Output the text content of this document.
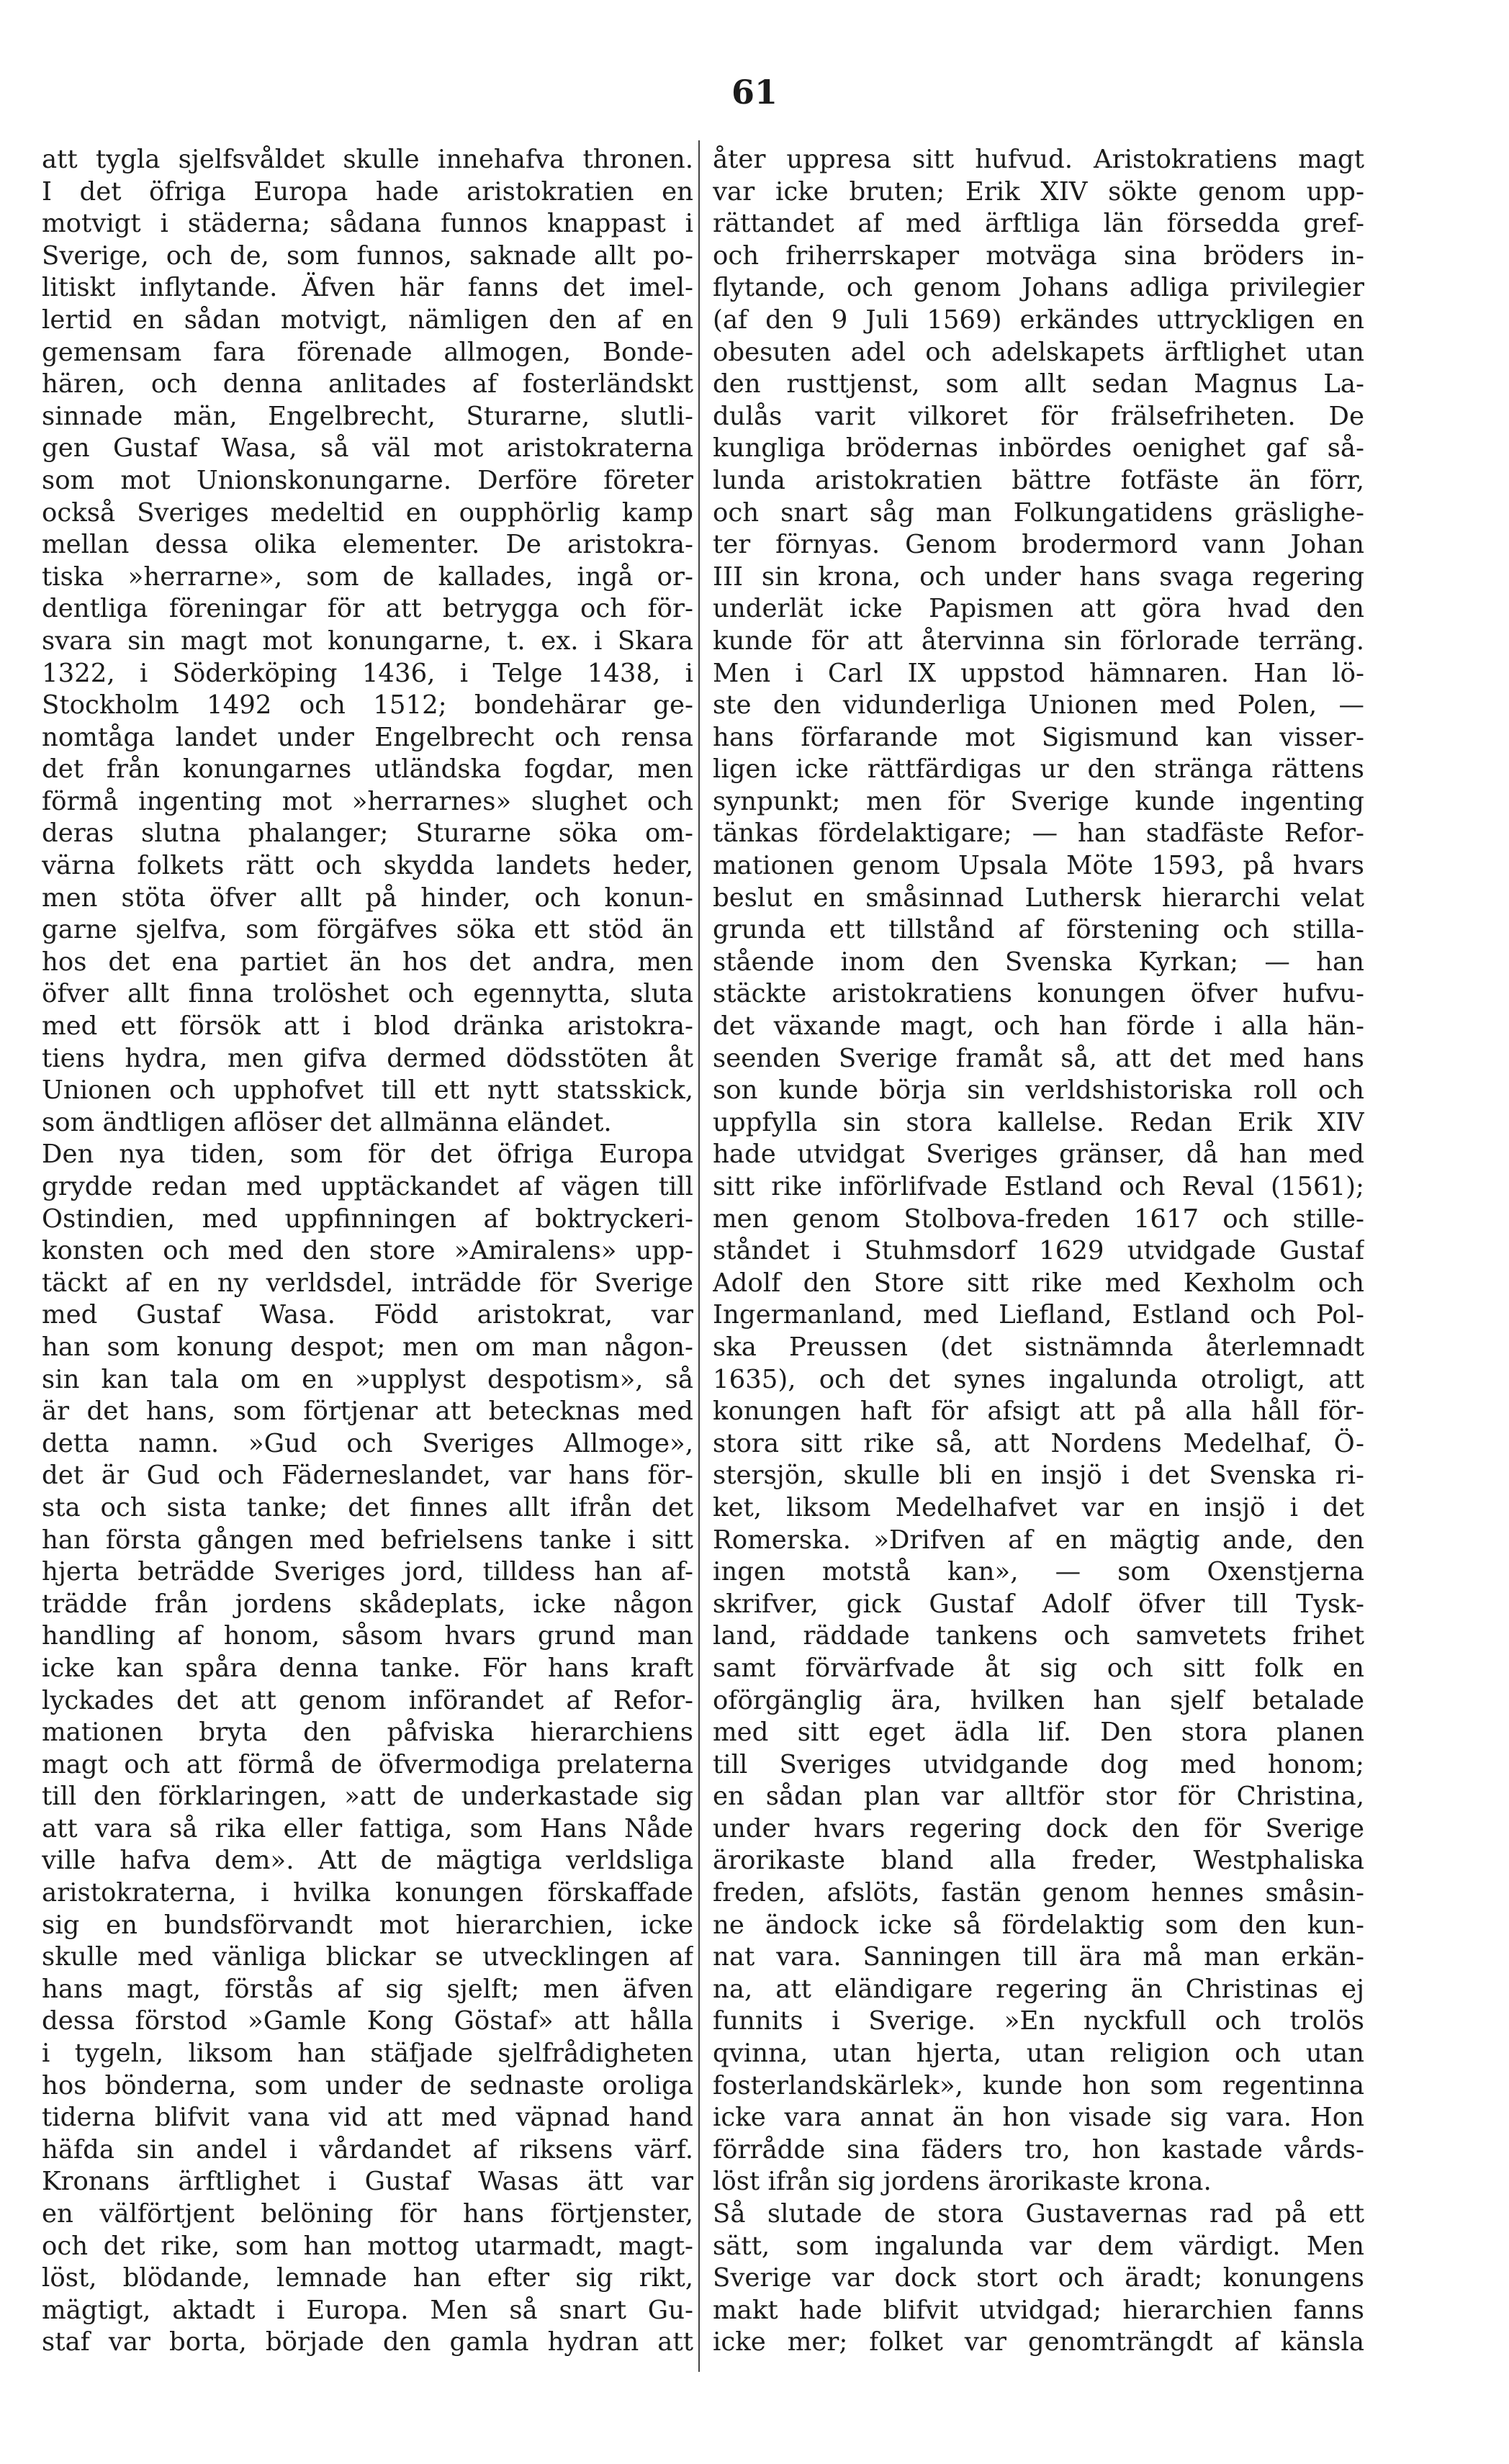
61
att tygla sjelfsvåldet skulle innehafva thronen.
I det öfriga Europa hade aristokratien en
motvigt i städerna; sådana funnos knappast i
Sverige, och de, som funnos, saknade allt po-
litiskt inflytande. Äfven här fanns det imel-
lertid en sådan motvigt, nämligen den af en
gemensam fara förenade allmogen, Bonde-
hären, och denna anlitades af fosterländskt
sinnade män, Engelbrecht, Sturarne, slutli-
gen Gustaf Wasa, så väl mot aristokraterna
som mot Unionskonungarne. Derföre företer
också Sveriges medeltid en oupphörlig kamp
mellan dessa olika elementer. De aristokra-
tiska »herrarne», som de kallades, ingå or-
dentliga föreningar för att betrygga och för-
svara sin magt mot konungarne, t. ex. i Skara
1322, i Söderköping 1436, i Telge 1438, i
Stockholm 1492 och 1512; bondehärar ge-
nomtåga landet under Engelbrecht och rensa
det från konungarnes utländska fogdar, men
förmå ingenting mot »herrarnes» slughet och
deras slutna phalanger; Sturarne söka om-
värna folkets rätt och skydda landets heder,
men stöta öfver allt på hinder, och konun-
garne sjelfva, som förgäfves söka ett stöd än
hos det ena partiet än hos det andra, men
öfver allt finna trolöshet och egennytta, sluta
med ett försök att i blod dränka aristokra-
tiens hydra, men gifva dermed dödsstöten åt
Unionen och upphofvet till ett nytt statsskick,
som ändtligen aflöser det allmänna eländet.
Den nya tiden, som för det öfriga Europa
grydde redan med upptäckandet af vägen till
Ostindien, med uppfinningen af boktryckeri-
konsten och med den store »Amiralens» upp-
täckt af en ny verldsdel, inträdde för Sverige
med Gustaf Wasa. Född aristokrat, var
han som konung despot; men om man någon-
sin kan tala om en »upplyst despotism», så
är det hans, som förtjenar att betecknas med
detta namn. »Gud och Sveriges Allmoge»,
det är Gud och Fäderneslandet, var hans för-
sta och sista tanke; det finnes allt ifrån det
han första gången med befrielsens tanke i sitt
hjerta beträdde Sveriges jord, tilldess han af-
trädde från jordens skådeplats, icke någon
handling af honom, såsom hvars grund man
icke kan spåra denna tanke. För hans kraft
lyckades det att genom införandet af Refor-
mationen bryta den påfviska hierarchiens
magt och att förmå de öfvermodiga prelaterna
till den förklaringen, »att de underkastade sig
att vara så rika eller fattiga, som Hans Nåde
ville hafva dem». Att de mägtiga verldsliga
aristokraterna, i hvilka konungen förskaffade
sig en bundsförvandt mot hierarchien, icke
skulle med vänliga blickar se utvecklingen af
hans magt, förstås af sig sjelft; men äfven
dessa förstod »Gamle Kong Göstaf» att hålla
i tygeln, liksom han stäfjade sjelfrådigheten
hos bönderna, som under de sednaste oroliga
tiderna blifvit vana vid att med väpnad hand
häfda sin andel i vårdandet af riksens värf.
Kronans ärftlighet i Gustaf Wasas ätt var
en välförtjent belöning för hans förtjenster,
och det rike, som han mottog utarmadt, magt-
löst, blödande, lemnade han efter sig rikt,
mägtigt, aktadt i Europa. Men så snart Gu-
staf var borta, började den gamla hydran att
åter uppresa sitt hufvud. Aristokratiens magt
var icke bruten; Erik XIV sökte genom upp-
rättandet af med ärftliga län försedda gref-
och friherrskaper motväga sina bröders in-
flytande, och genom Johans adliga privilegier
(af den 9 Juli 1569) erkändes uttryckligen en
obesuten adel och adelskapets ärftlighet utan
den rusttjenst, som allt sedan Magnus La-
dulås varit vilkoret för frälsefriheten. De
kungliga brödernas inbördes oenighet gaf så-
lunda aristokratien bättre fotfäste än förr,
och snart såg man Folkungatidens gräslighe-
ter förnyas. Genom brodermord vann Johan
III sin krona, och under hans svaga regering
underlät icke Papismen att göra hvad den
kunde för att återvinna sin förlorade terräng.
Men i Carl IX uppstod hämnaren. Han lö-
ste den vidunderliga Unionen med Polen, —
hans förfarande mot Sigismund kan visser-
ligen icke rättfärdigas ur den stränga rättens
synpunkt; men för Sverige kunde ingenting
tänkas fördelaktigare; — han stadfäste Refor-
mationen genom Upsala Möte 1593, på hvars
beslut en småsinnad Luthersk hierarchi velat
grunda ett tillstånd af förstening och stilla-
stående inom den Svenska Kyrkan; — han
stäckte aristokratiens konungen öfver hufvu-
det växande magt, och han förde i alla hän-
seenden Sverige framåt så, att det med hans
son kunde börja sin verldshistoriska roll och
uppfylla sin stora kallelse. Redan Erik XIV
hade utvidgat Sveriges gränser, då han med
sitt rike införlifvade Estland och Reval (1561);
men genom Stolbova-freden 1617 och stille-
ståndet i Stuhmsdorf 1629 utvidgade Gustaf
Adolf den Store sitt rike med Kexholm och
Ingermanland, med Liefland, Estland och Pol-
ska Preussen (det sistnämnda återlemnadt
1635), och det synes ingalunda otroligt, att
konungen haft för afsigt att på alla håll för-
stora sitt rike så, att Nordens Medelhaf, Ö-
stersjön, skulle bli en insjö i det Svenska ri-
ket, liksom Medelhafvet var en insjö i det
Romerska. »Drifven af en mägtig ande, den
ingen motstå kan», — som Oxenstjerna
skrifver, gick Gustaf Adolf öfver till Tysk-
land, räddade tankens och samvetets frihet
samt förvärfvade åt sig och sitt folk en
oförgänglig ära, hvilken han sjelf betalade
med sitt eget ädla lif. Den stora planen
till Sveriges utvidgande dog med honom;
en sådan plan var alltför stor för Christina,
under hvars regering dock den för Sverige
ärorikaste bland alla freder, Westphaliska
freden, afslöts, fastän genom hennes småsin-
ne ändock icke så fördelaktig som den kun-
nat vara. Sanningen till ära må man erkän-
na, att eländigare regering än Christinas ej
funnits i Sverige. »En nyckfull och trolös
qvinna, utan hjerta, utan religion och utan
fosterlandskärlek», kunde hon som regentinna
icke vara annat än hon visade sig vara. Hon
förrådde sina fäders tro, hon kastade vårds-
löst ifrån sig jordens ärorikaste krona.
Så slutade de stora Gustavernas rad på ett
sätt, som ingalunda var dem värdigt. Men
Sverige var dock stort och äradt; konungens
makt hade blifvit utvidgad; hierarchien fanns
icke mer; folket var genomträngdt af känsla
